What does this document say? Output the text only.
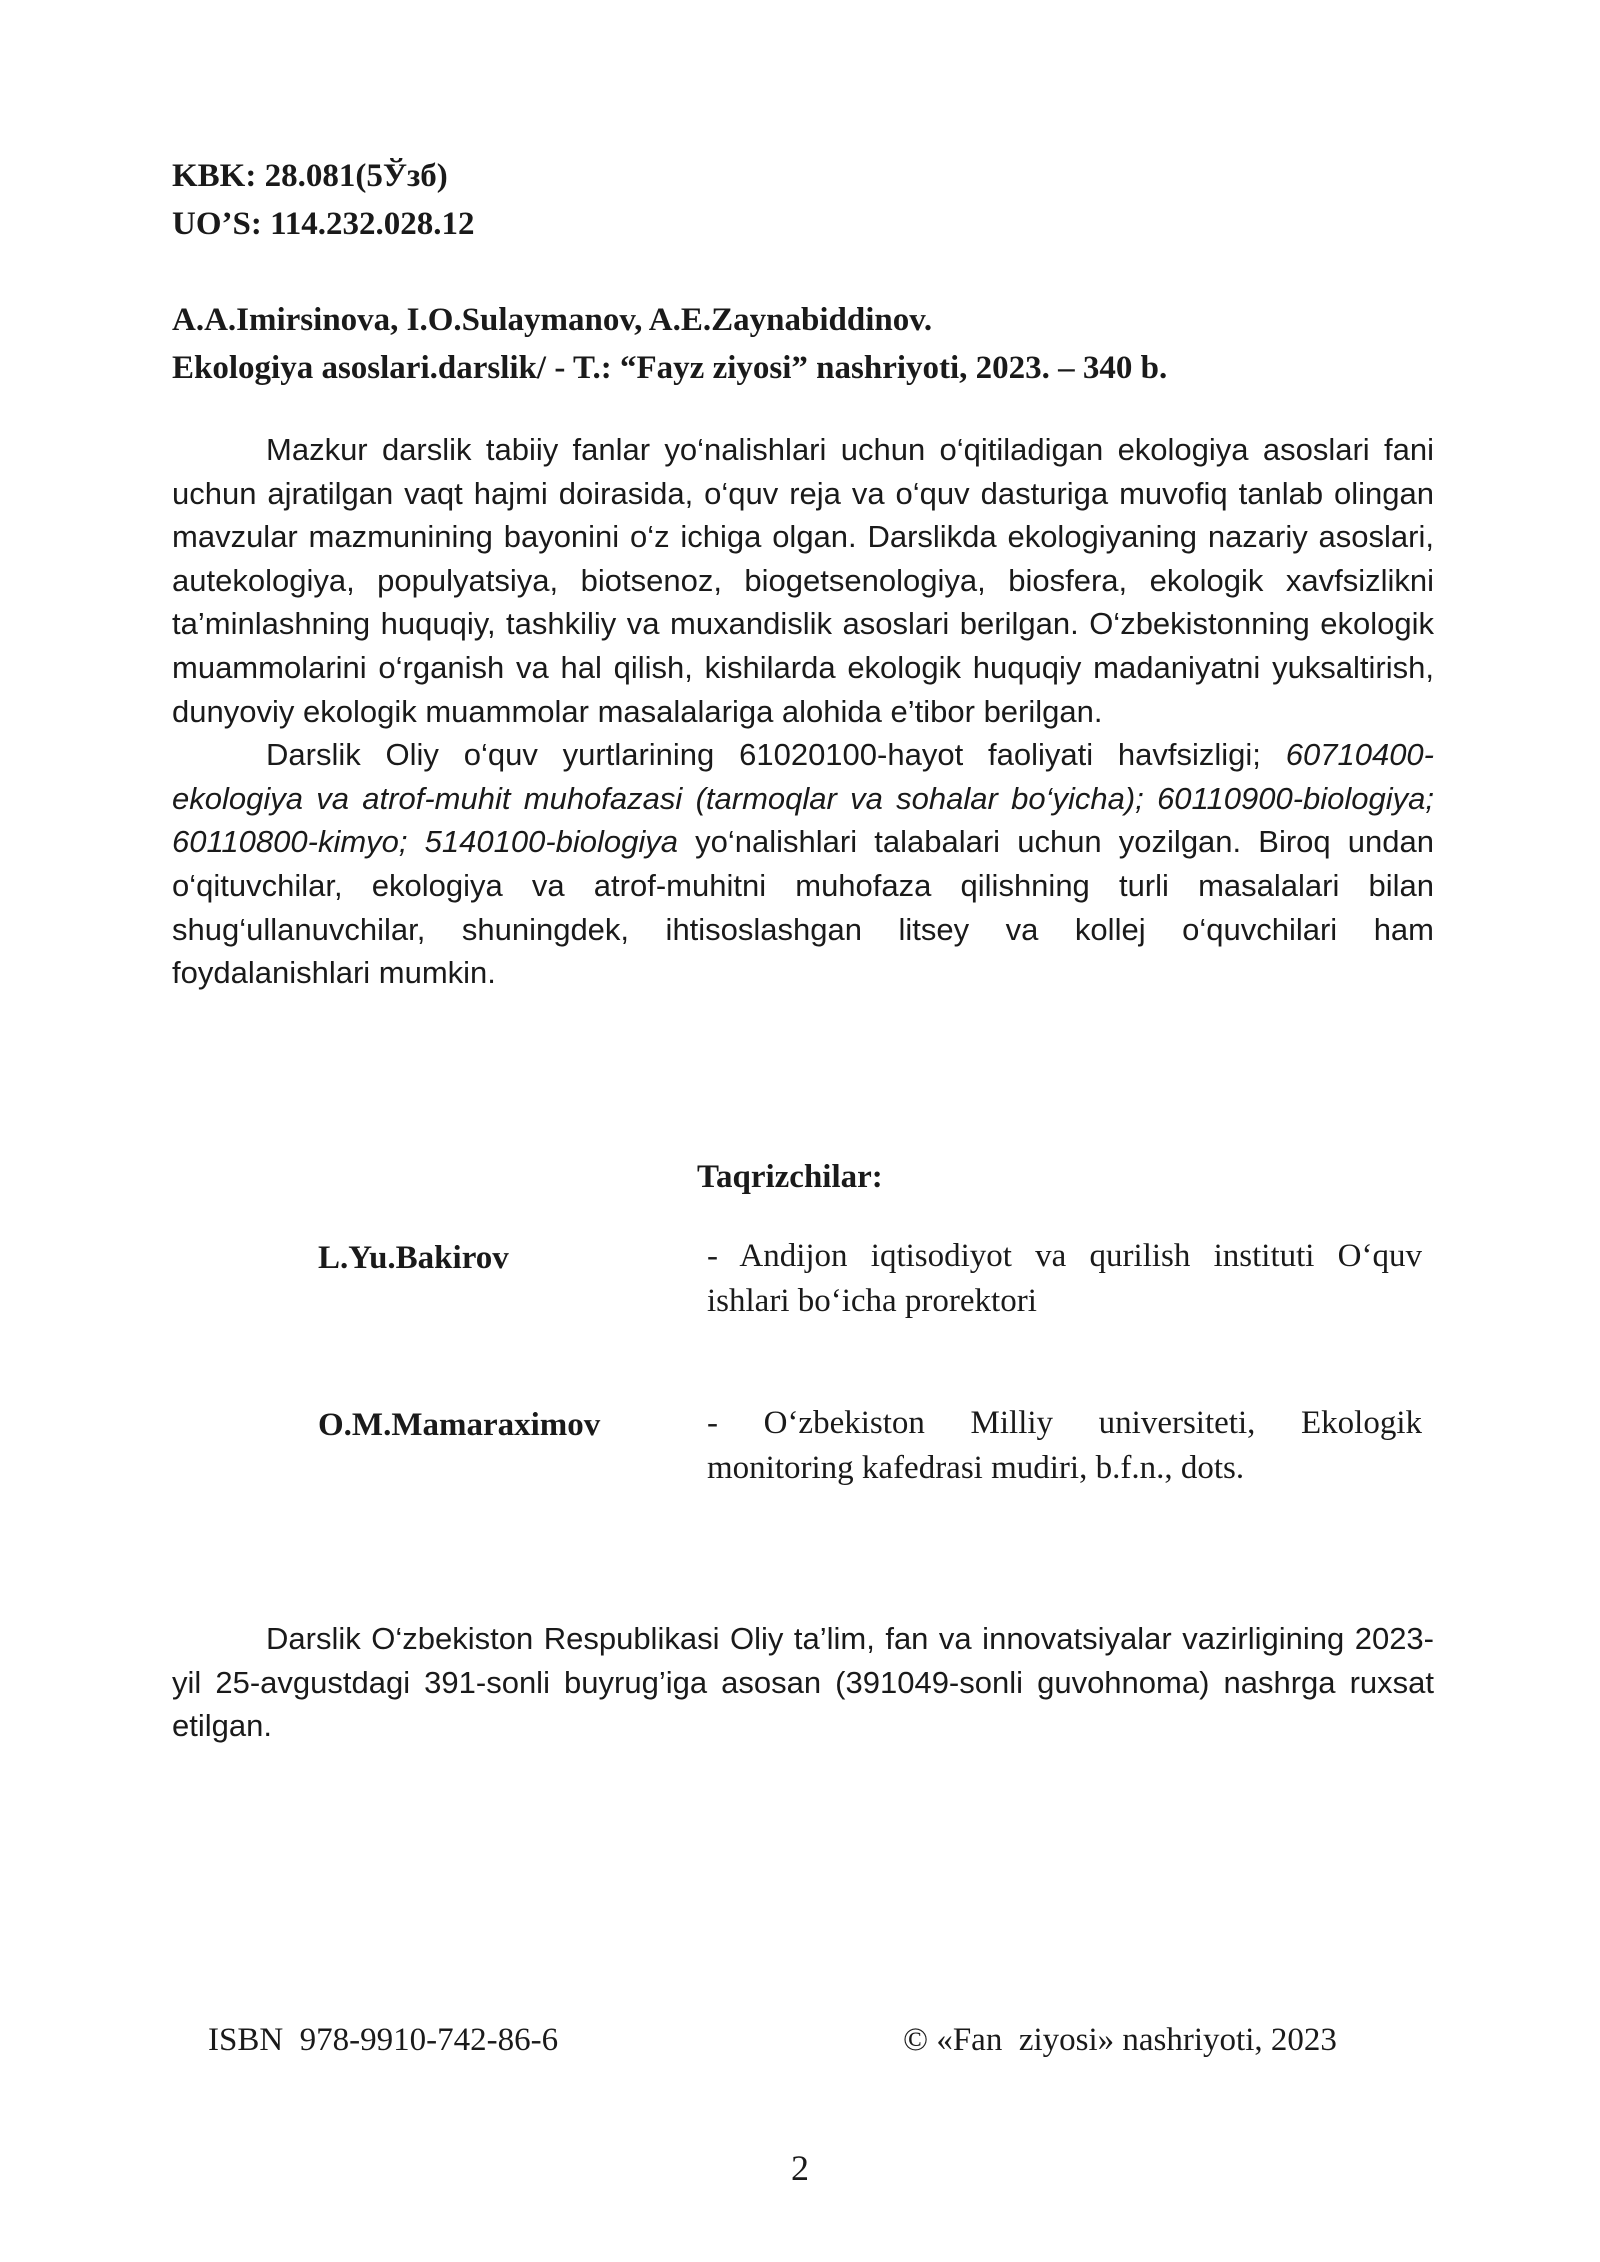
KBK: 28.081(5Ўзб)
UO’S: 114.232.028.12
A.A.Imirsinova, I.O.Sulaymanov, A.E.Zaynabiddinov.
Ekologiya asoslari.darslik/ - T.: “Fayz ziyosi” nashriyoti, 2023. – 340 b.

Mazkur darslik tabiiy fanlar yo‘nalishlari uchun o‘qitiladigan ekologiya asoslari fani uchun ajratilgan vaqt hajmi doirasida, o‘quv reja va o‘quv dasturiga muvofiq tanlab olingan mavzular mazmunining bayonini o‘z ichiga olgan. Darslikda ekologiyaning nazariy asoslari, autekologiya, populyatsiya, biotsenoz, biogetsenologiya, biosfera, ekologik xavfsizlikni ta’minlashning huquqiy, tashkiliy va muxandislik asoslari berilgan. O‘zbekistonning ekologik muammolarini o‘rganish va hal qilish, kishilarda ekologik huquqiy madaniyatni yuksaltirish, dunyoviy ekologik muammolar masalalariga alohida e’tibor berilgan.

Darslik Oliy o‘quv yurtlarining 61020100-hayot faoliyati havfsizligi; 60710400-ekologiya va atrof-muhit muhofazasi (tarmoqlar va sohalar bo‘yicha); 60110900-biologiya; 60110800-kimyo; 5140100-biologiya yo‘nalishlari talabalari uchun yozilgan. Biroq undan o‘qituvchilar, ekologiya va atrof-muhitni muhofaza qilishning turli masalalari bilan shug‘ullanuvchilar, shuningdek, ihtisoslashgan litsey va kollej o‘quvchilari ham foydalanishlari mumkin.

Taqrizchilar:
L.Yu.Bakirov	- Andijon iqtisodiyot va qurilish instituti O‘quv ishlari bo‘icha prorektori
O.M.Mamaraximov	- O‘zbekiston Milliy universiteti, Ekologik monitoring kafedrasi mudiri, b.f.n., dots.

Darslik O‘zbekiston Respublikasi Oliy ta’lim, fan va innovatsiyalar vazirligining 2023-yil 25-avgustdagi 391-sonli buyrug’iga asosan (391049-sonli guvohnoma) nashrga ruxsat etilgan.

ISBN  978-9910-742-86-6	© «Fan  ziyosi» nashriyoti, 2023
2
